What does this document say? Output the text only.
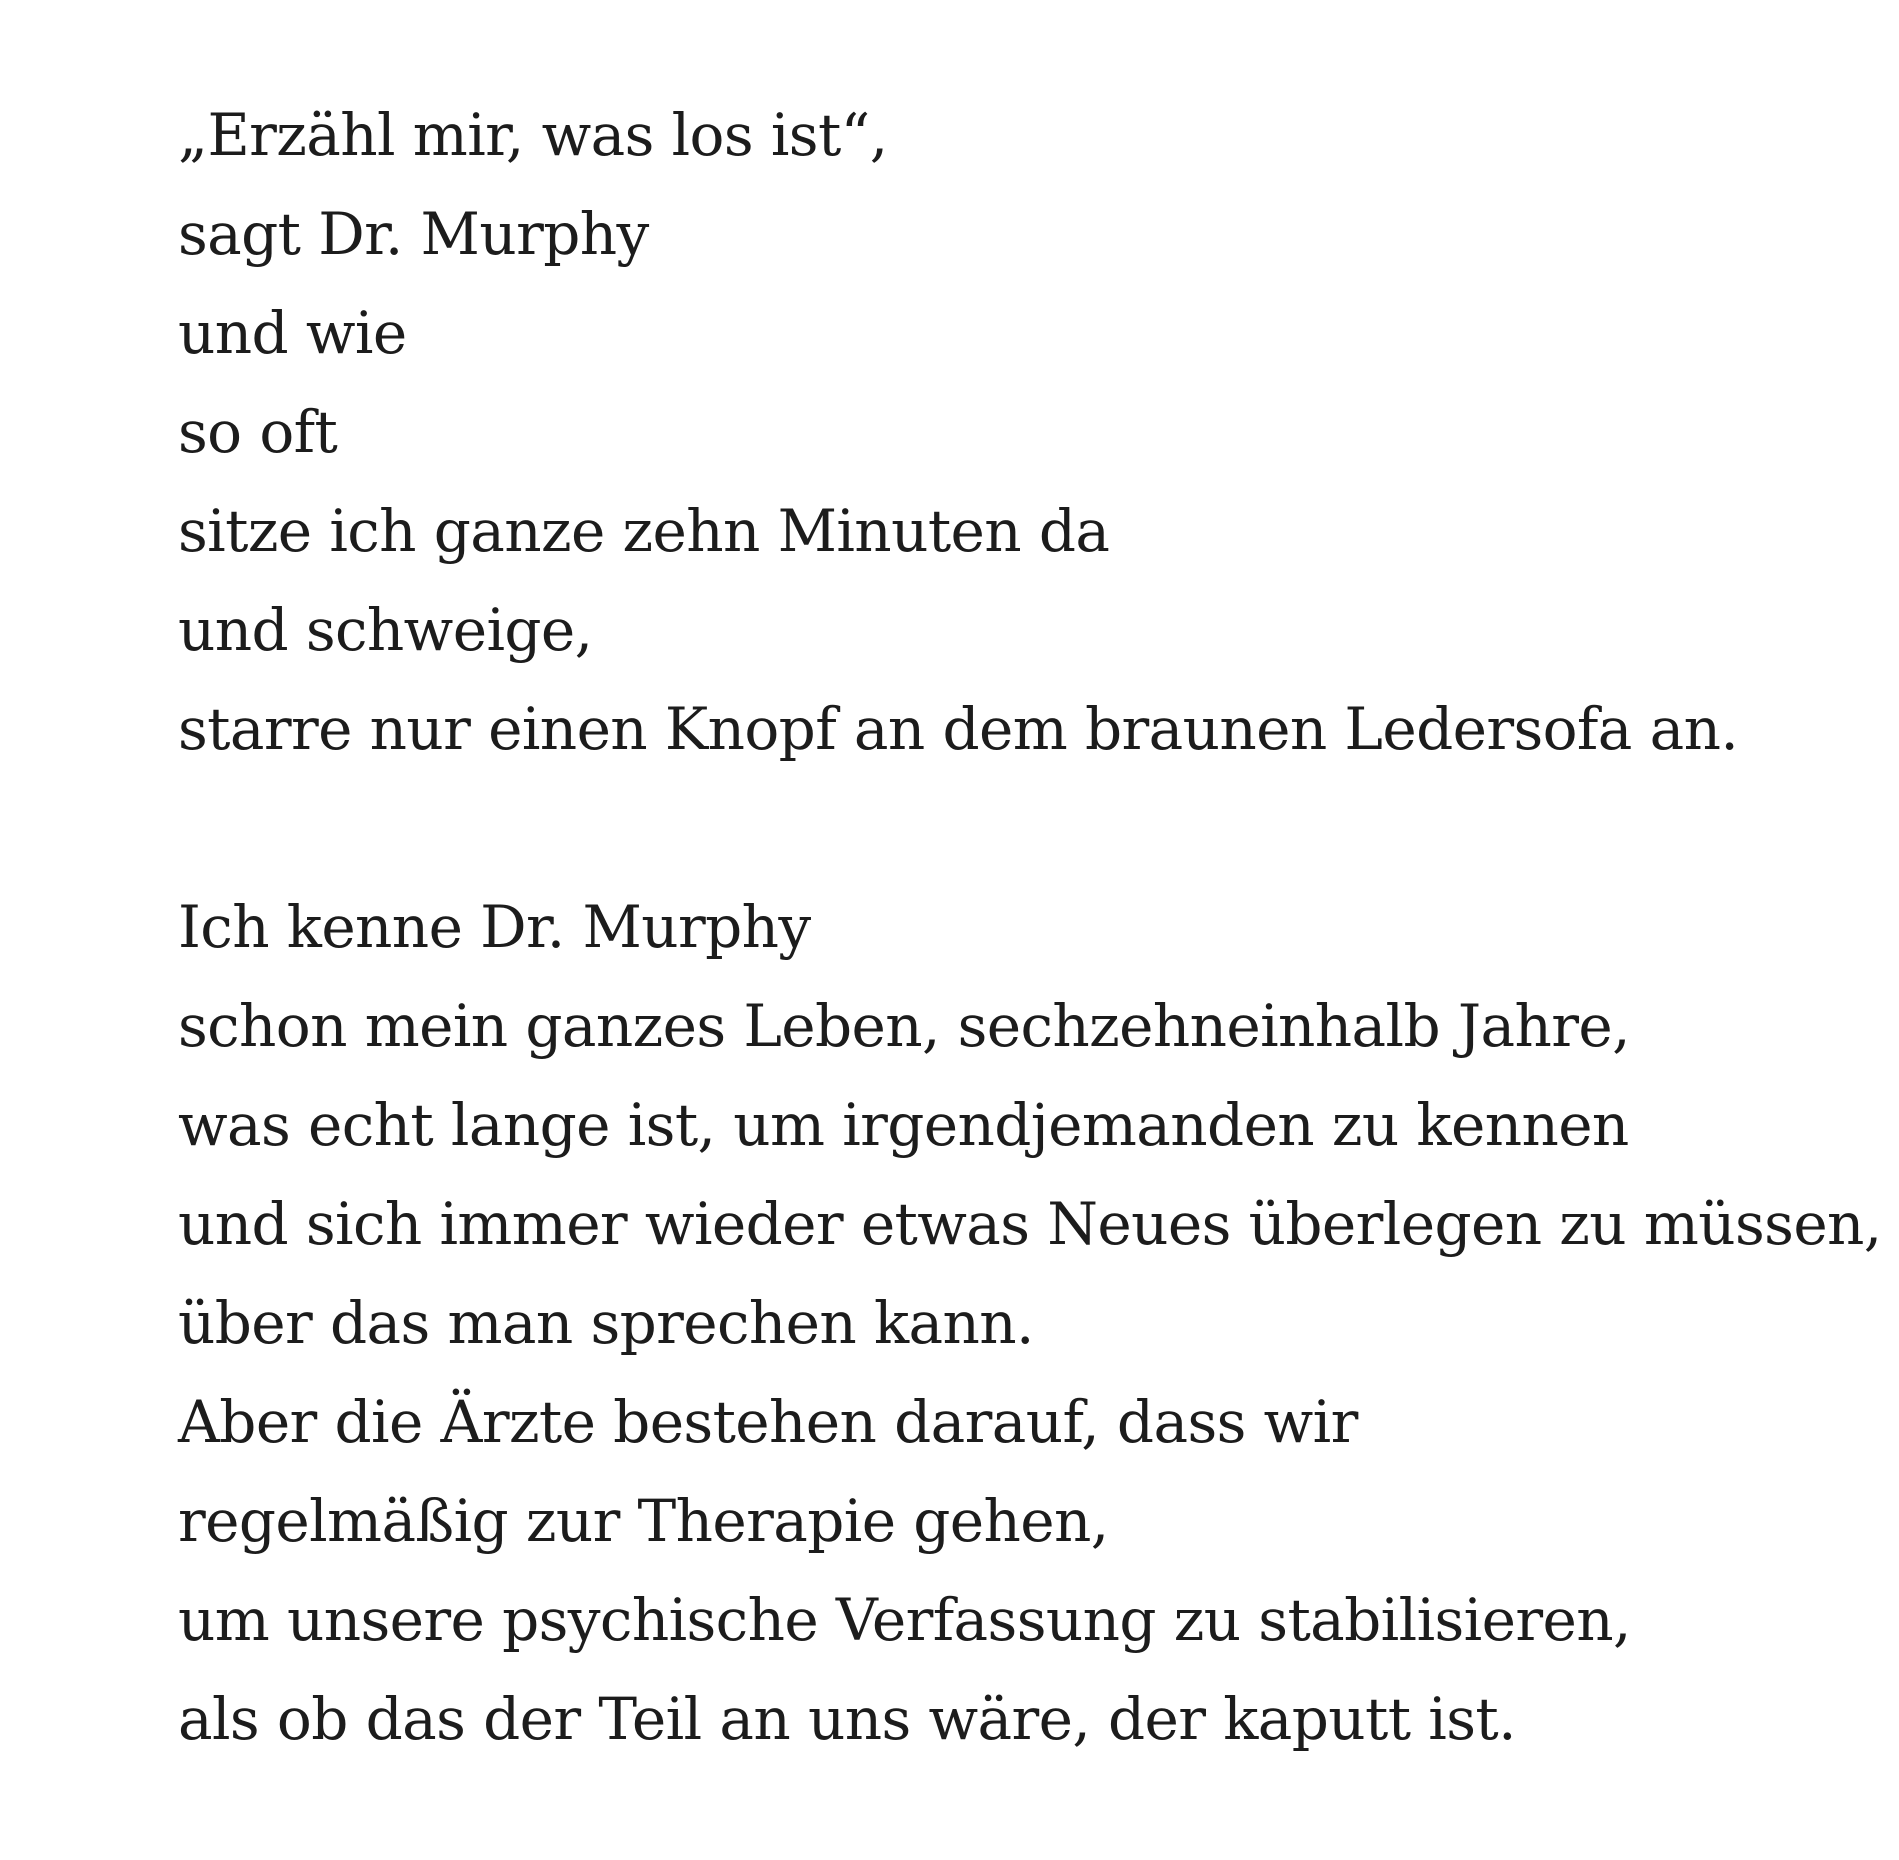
„Erzähl mir, was los ist“,
sagt Dr. Murphy
und wie
so oft
sitze ich ganze zehn Minuten da
und schweige,
starre nur einen Knopf an dem braunen Ledersofa an.
Ich kenne Dr. Murphy
schon mein ganzes Leben, sechzehneinhalb Jahre,
was echt lange ist, um irgendjemanden zu kennen
und sich immer wieder etwas Neues überlegen zu müssen,
über das man sprechen kann.
Aber die Ärzte bestehen darauf, dass wir
regelmäßig zur Therapie gehen,
um unsere psychische Verfassung zu stabilisieren,
als ob das der Teil an uns wäre, der kaputt ist.
